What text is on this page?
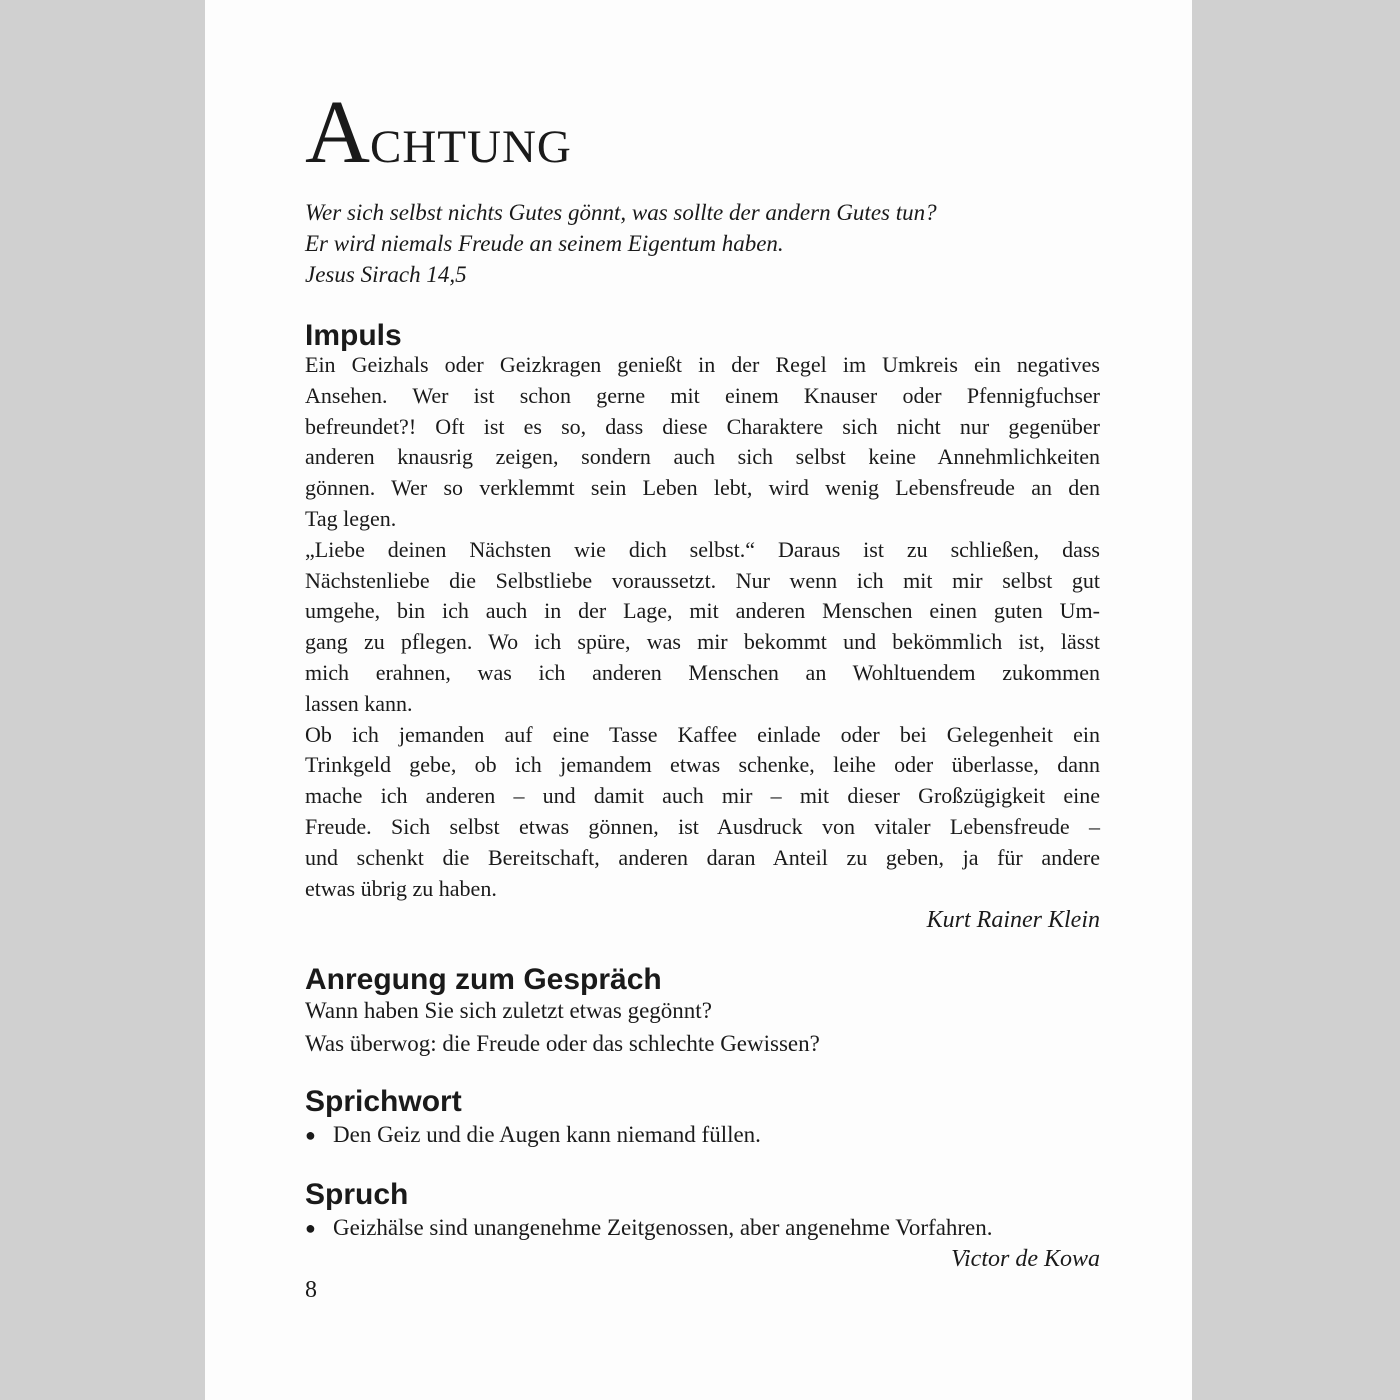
ACHTUNG
Wer sich selbst nichts Gutes gönnt, was sollte der andern Gutes tun?
Er wird niemals Freude an seinem Eigentum haben.
Jesus Sirach 14,5
Impuls
Ein Geizhals oder Geizkragen genießt in der Regel im Umkreis ein negatives
Ansehen. Wer ist schon gerne mit einem Knauser oder Pfennigfuchser
befreundet?! Oft ist es so, dass diese Charaktere sich nicht nur gegenüber
anderen knausrig zeigen, sondern auch sich selbst keine Annehmlichkeiten
gönnen. Wer so verklemmt sein Leben lebt, wird wenig Lebensfreude an den
Tag legen.
„Liebe deinen Nächsten wie dich selbst.“ Daraus ist zu schließen, dass
Nächstenliebe die Selbstliebe voraussetzt. Nur wenn ich mit mir selbst gut
umgehe, bin ich auch in der Lage, mit anderen Menschen einen guten Um-
gang zu pflegen. Wo ich spüre, was mir bekommt und bekömmlich ist, lässt
mich erahnen, was ich anderen Menschen an Wohltuendem zukommen
lassen kann.
Ob ich jemanden auf eine Tasse Kaffee einlade oder bei Gelegenheit ein
Trinkgeld gebe, ob ich jemandem etwas schenke, leihe oder überlasse, dann
mache ich anderen – und damit auch mir – mit dieser Großzügigkeit eine
Freude. Sich selbst etwas gönnen, ist Ausdruck von vitaler Lebensfreude –
und schenkt die Bereitschaft, anderen daran Anteil zu geben, ja für andere
etwas übrig zu haben.
Kurt Rainer Klein
Anregung zum Gespräch
Wann haben Sie sich zuletzt etwas gegönnt?
Was überwog: die Freude oder das schlechte Gewissen?
Sprichwort
● Den Geiz und die Augen kann niemand füllen.
Spruch
● Geizhälse sind unangenehme Zeitgenossen, aber angenehme Vorfahren.
Victor de Kowa
8
